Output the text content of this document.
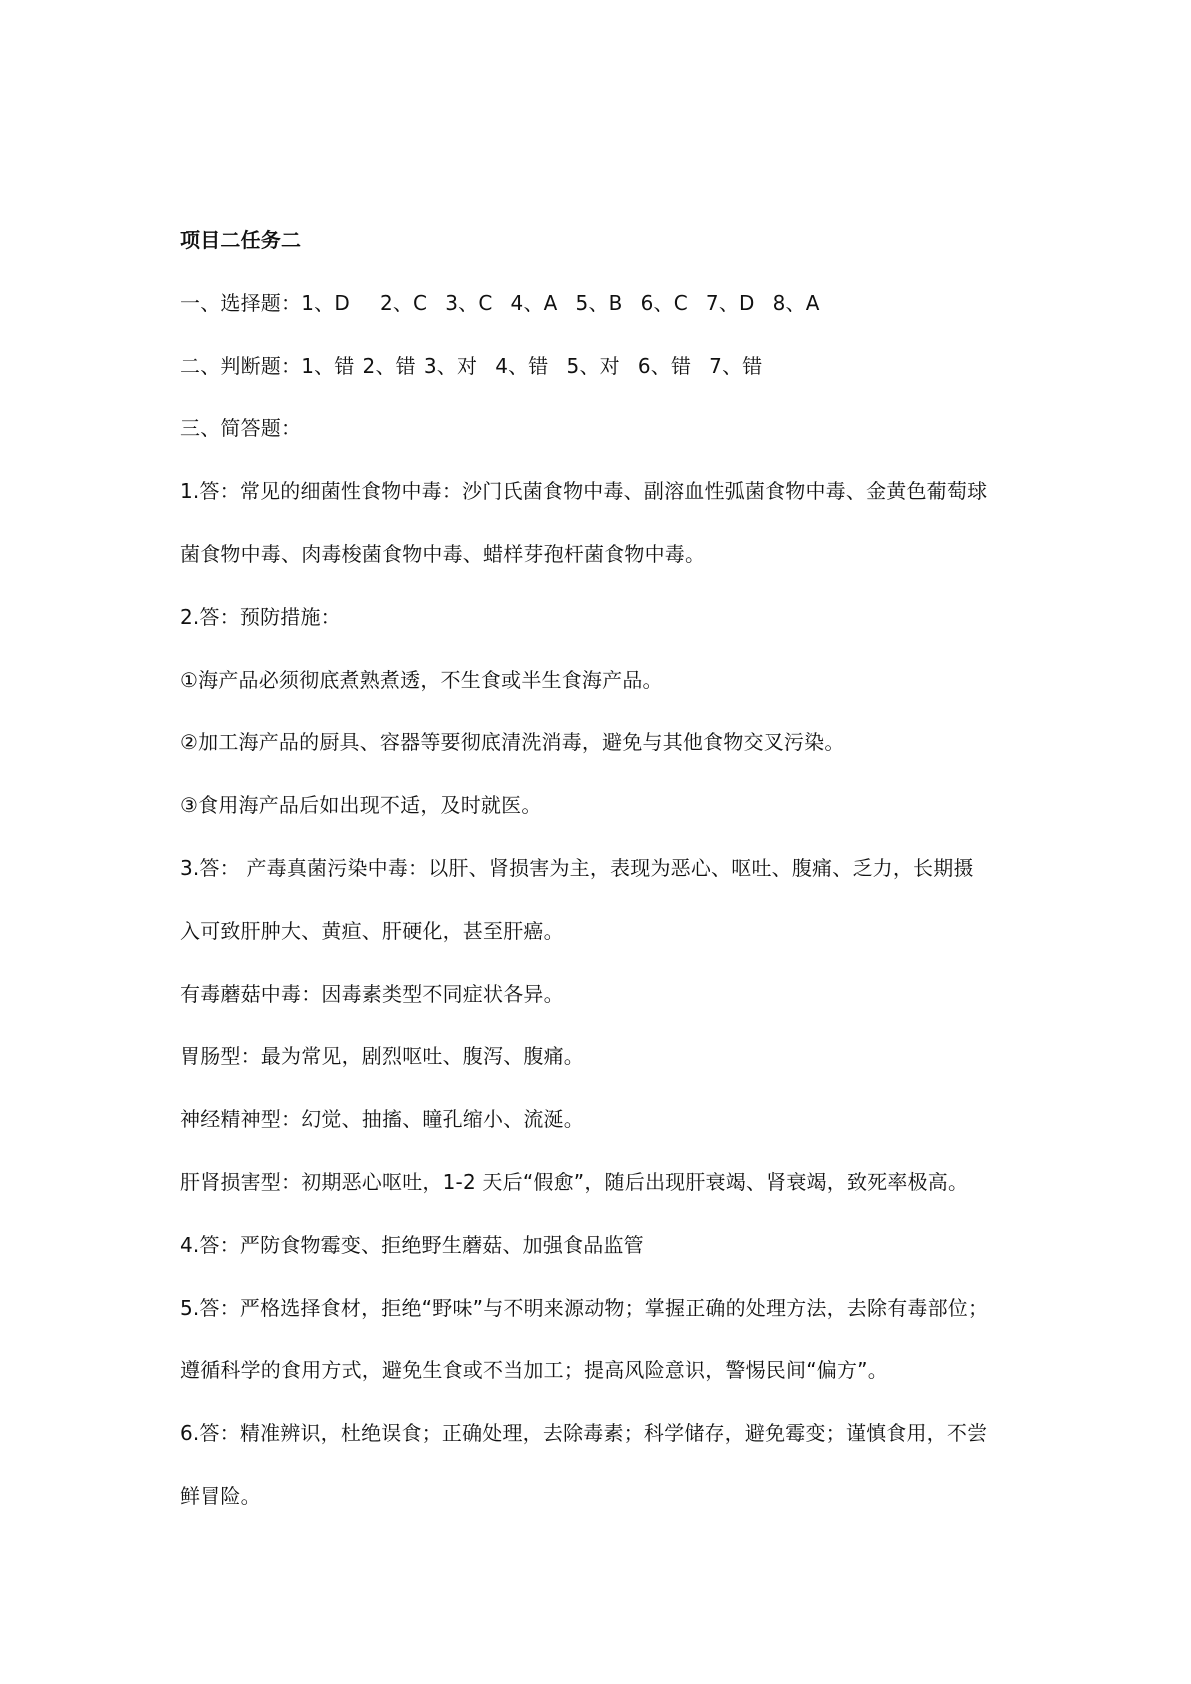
项目二任务二
一、选择题：1、D 2、C 3、C 4、A 5、B 6、C 7、D 8、A
二、判断题：1、错 2、错 3、对 4、错 5、对 6、错 7、错
三、简答题：
1.答：常见的细菌性食物中毒：沙门氏菌食物中毒、副溶血性弧菌食物中毒、金黄色葡萄球
菌食物中毒、肉毒梭菌食物中毒、蜡样芽孢杆菌食物中毒。
2.答：预防措施：
①海产品必须彻底煮熟煮透，不生食或半生食海产品。
②加工海产品的厨具、容器等要彻底清洗消毒，避免与其他食物交叉污染。
③食用海产品后如出现不适，及时就医。
3.答： 产毒真菌污染中毒：以肝、肾损害为主，表现为恶心、呕吐、腹痛、乏力，长期摄
入可致肝肿大、黄疸、肝硬化，甚至肝癌。
有毒蘑菇中毒：因毒素类型不同症状各异。
胃肠型：最为常见，剧烈呕吐、腹泻、腹痛。
神经精神型：幻觉、抽搐、瞳孔缩小、流涎。
肝肾损害型：初期恶心呕吐，1-2 天后“假愈”，随后出现肝衰竭、肾衰竭，致死率极高。
4.答：严防食物霉变、拒绝野生蘑菇、加强食品监管
5.答：严格选择食材，拒绝“野味”与不明来源动物；掌握正确的处理方法，去除有毒部位；
遵循科学的食用方式，避免生食或不当加工；提高风险意识，警惕民间“偏方”。
6.答：精准辨识，杜绝误食；正确处理，去除毒素；科学储存，避免霉变；谨慎食用，不尝
鲜冒险。
